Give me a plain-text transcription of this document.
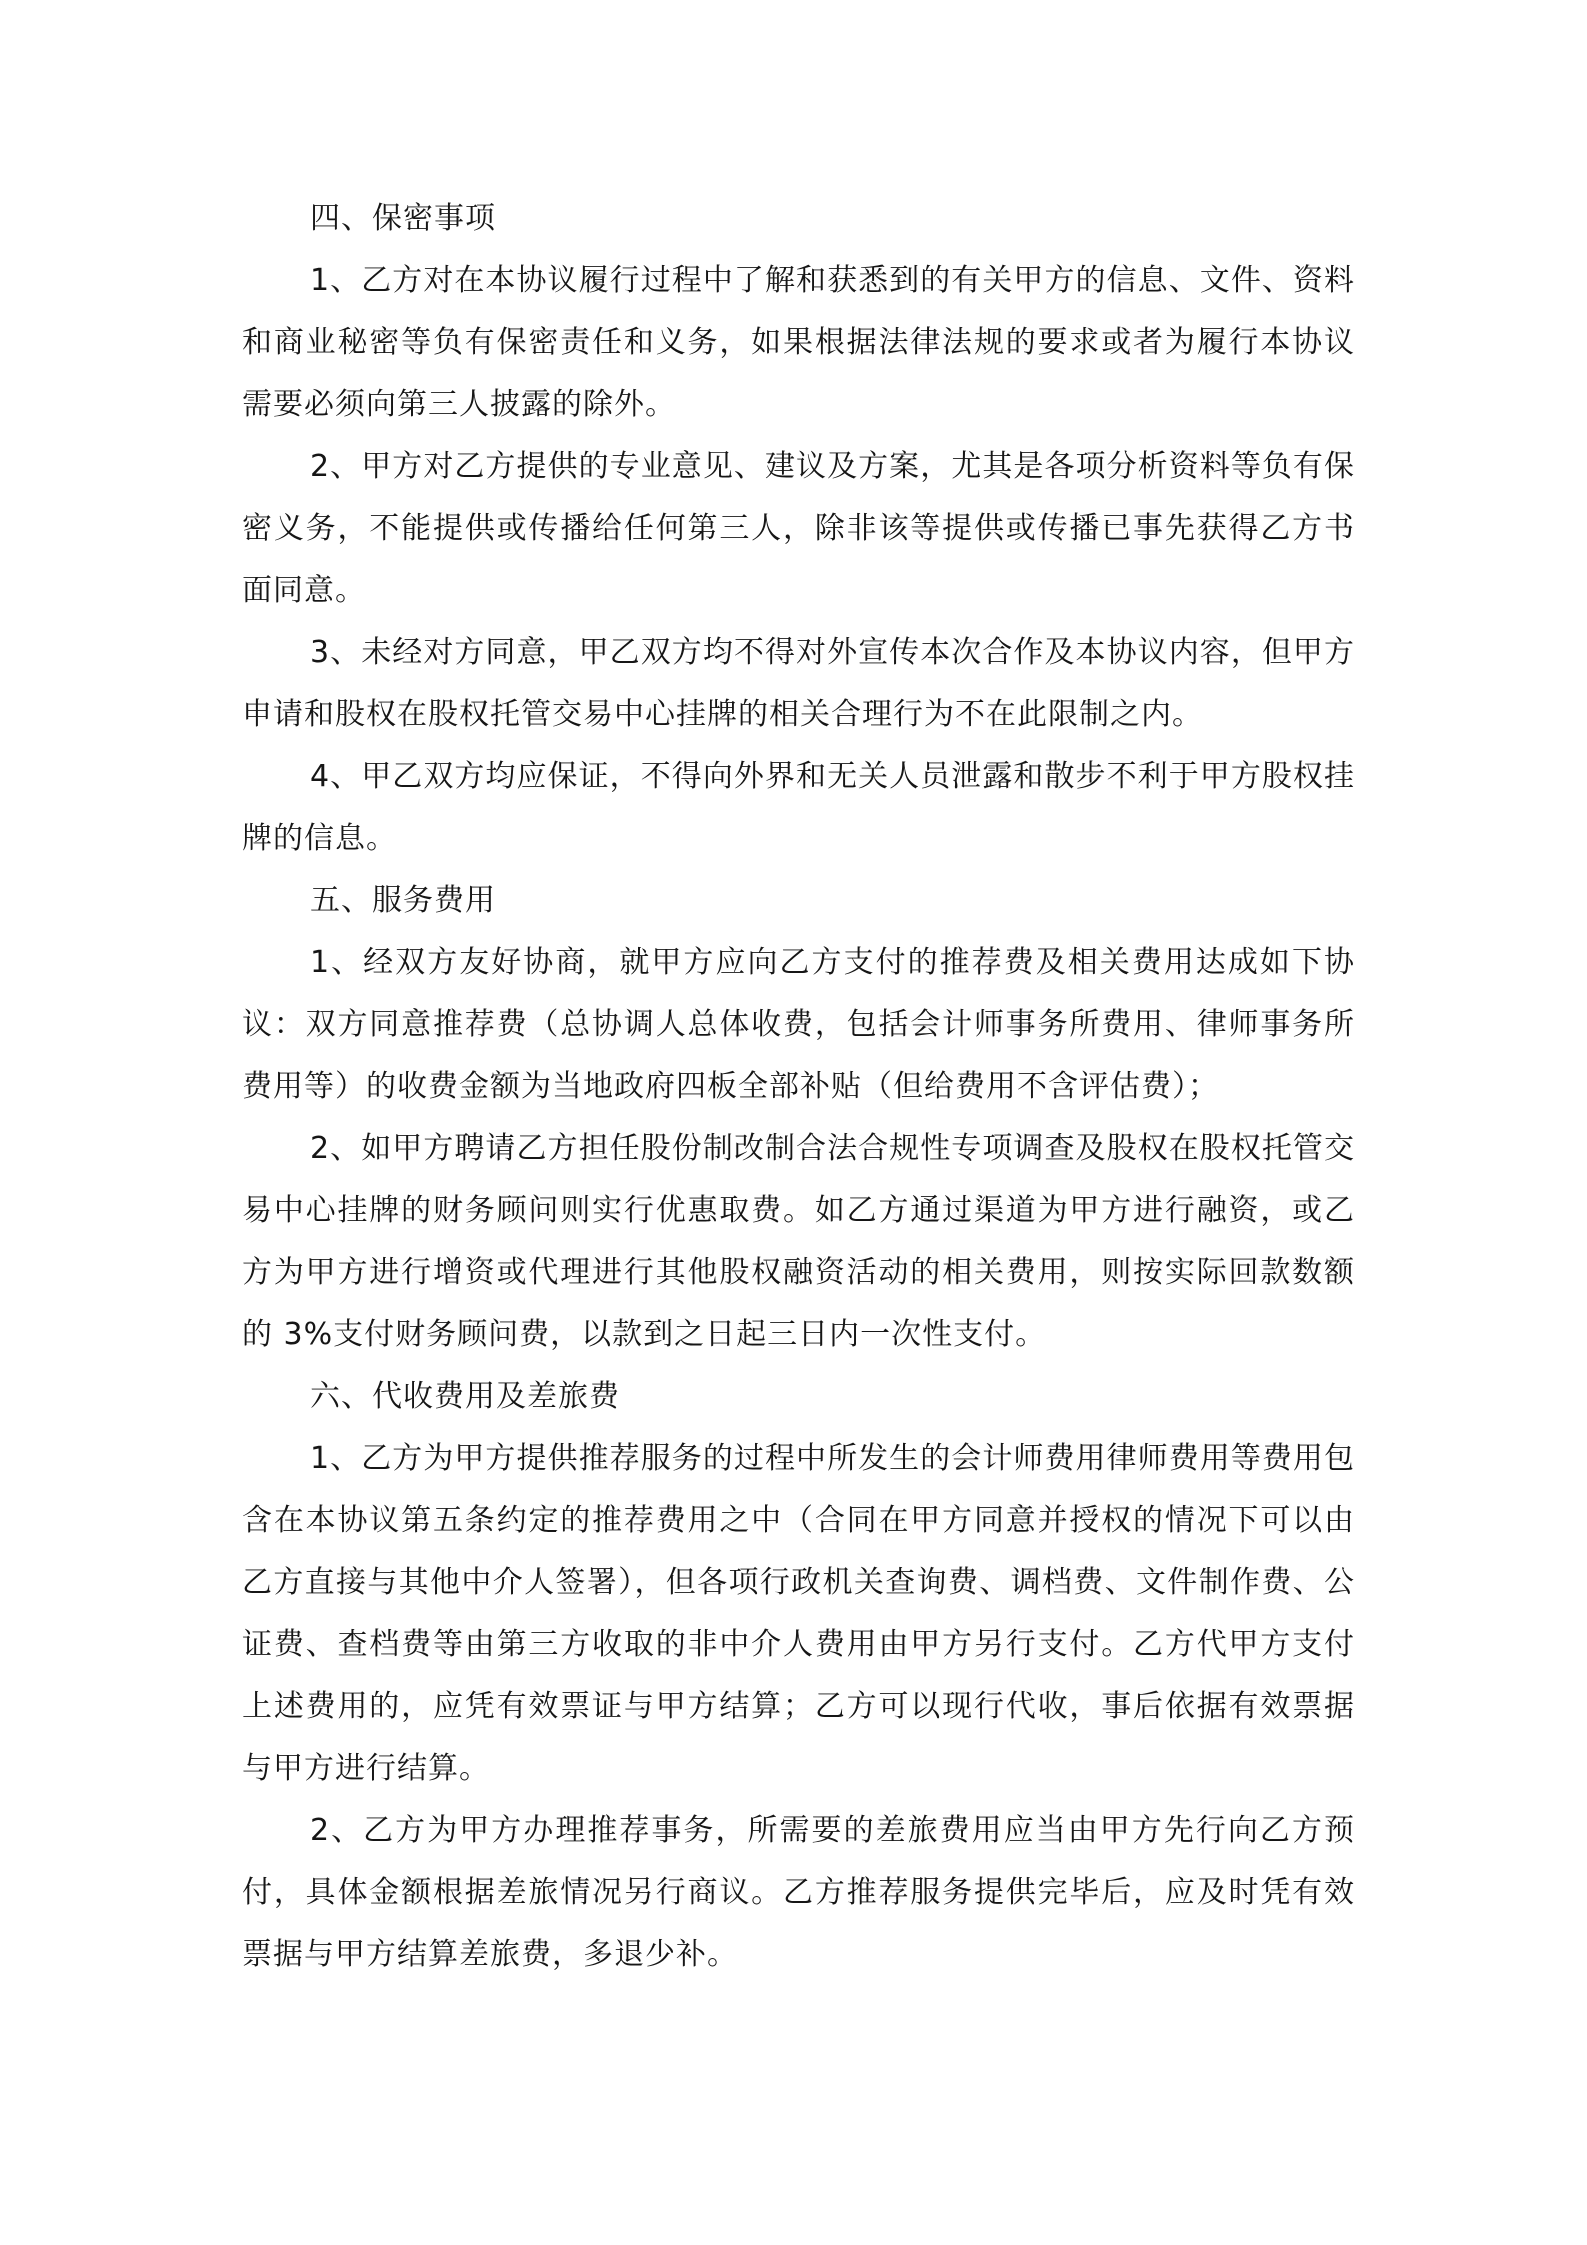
四、保密事项

1、乙方对在本协议履行过程中了解和获悉到的有关甲方的信息、文件、资料和商业秘密等负有保密责任和义务，如果根据法律法规的要求或者为履行本协议需要必须向第三人披露的除外。

2、甲方对乙方提供的专业意见、建议及方案，尤其是各项分析资料等负有保密义务，不能提供或传播给任何第三人，除非该等提供或传播已事先获得乙方书面同意。

3、未经对方同意，甲乙双方均不得对外宣传本次合作及本协议内容，但甲方申请和股权在股权托管交易中心挂牌的相关合理行为不在此限制之内。

4、甲乙双方均应保证，不得向外界和无关人员泄露和散步不利于甲方股权挂牌的信息。

五、服务费用

1、经双方友好协商，就甲方应向乙方支付的推荐费及相关费用达成如下协议：双方同意推荐费（总协调人总体收费，包括会计师事务所费用、律师事务所费用等）的收费金额为当地政府四板全部补贴（但给费用不含评估费）；

2、如甲方聘请乙方担任股份制改制合法合规性专项调查及股权在股权托管交易中心挂牌的财务顾问则实行优惠取费。如乙方通过渠道为甲方进行融资，或乙方为甲方进行增资或代理进行其他股权融资活动的相关费用，则按实际回款数额的 3%支付财务顾问费，以款到之日起三日内一次性支付。

六、代收费用及差旅费

1、乙方为甲方提供推荐服务的过程中所发生的会计师费用律师费用等费用包含在本协议第五条约定的推荐费用之中（合同在甲方同意并授权的情况下可以由乙方直接与其他中介人签署），但各项行政机关查询费、调档费、文件制作费、公证费、查档费等由第三方收取的非中介人费用由甲方另行支付。乙方代甲方支付上述费用的，应凭有效票证与甲方结算；乙方可以现行代收，事后依据有效票据与甲方进行结算。

2、乙方为甲方办理推荐事务，所需要的差旅费用应当由甲方先行向乙方预付，具体金额根据差旅情况另行商议。乙方推荐服务提供完毕后，应及时凭有效票据与甲方结算差旅费，多退少补。
